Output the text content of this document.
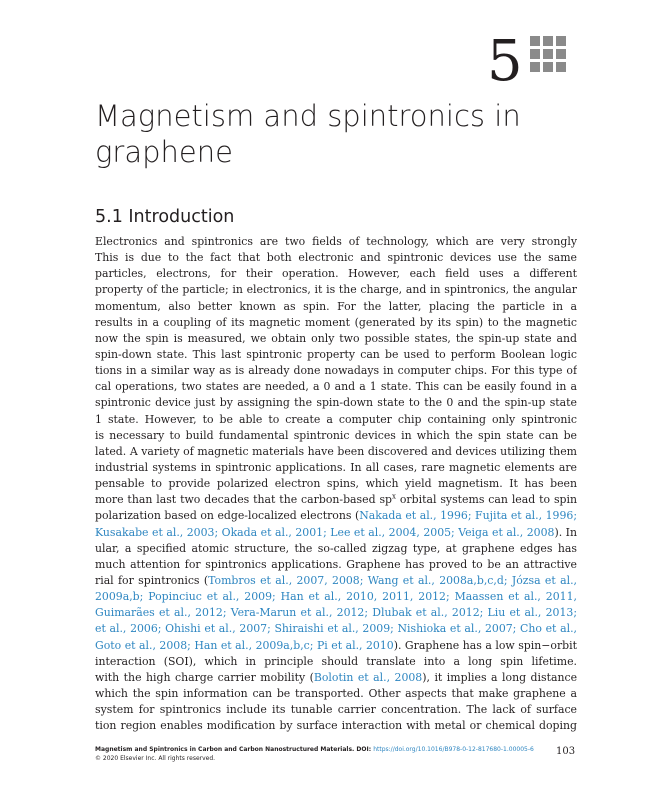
5
Magnetism and spintronics in graphene
5.1 Introduction
Electronics and spintronics are two fields of technology, which are very strongly
This is due to the fact that both electronic and spintronic devices use the same
particles, electrons, for their operation. However, each field uses a different
property of the particle; in electronics, it is the charge, and in spintronics, the angular
momentum, also better known as spin. For the latter, placing the particle in a
results in a coupling of its magnetic moment (generated by its spin) to the magnetic
now the spin is measured, we obtain only two possible states, the spin-up state and
spin-down state. This last spintronic property can be used to perform Boolean logic
tions in a similar way as is already done nowadays in computer chips. For this type of
cal operations, two states are needed, a 0 and a 1 state. This can be easily found in a
spintronic device just by assigning the spin-down state to the 0 and the spin-up state
1 state. However, to be able to create a computer chip containing only spintronic
is necessary to build fundamental spintronic devices in which the spin state can be
lated. A variety of magnetic materials have been discovered and devices utilizing them
industrial systems in spintronic applications. In all cases, rare magnetic elements are
pensable to provide polarized electron spins, which yield magnetism. It has been
more than last two decades that the carbon-based $sp^x$ orbital systems can lead to spin
polarization based on edge-localized electrons (Nakada et al., 1996; Fujita et al., 1996;
Kusakabe et al., 2003; Okada et al., 2001; Lee et al., 2004, 2005; Veiga et al., 2008). In
ular, a specified atomic structure, the so-called zigzag type, at graphene edges has
much attention for spintronics applications. Graphene has proved to be an attractive
rial for spintronics (Tombros et al., 2007, 2008; Wang et al., 2008a,b,c,d; Józsa et al.,
2009a,b; Popinciuc et al., 2009; Han et al., 2010, 2011, 2012; Maassen et al., 2011,
Guimarães et al., 2012; Vera-Marun et al., 2012; Dlubak et al., 2012; Liu et al., 2013;
et al., 2006; Ohishi et al., 2007; Shiraishi et al., 2009; Nishioka et al., 2007; Cho et al.,
Goto et al., 2008; Han et al., 2009a,b,c; Pi et al., 2010). Graphene has a low spin−orbit
interaction (SOI), which in principle should translate into a long spin lifetime.
with the high charge carrier mobility (Bolotin et al., 2008), it implies a long distance
which the spin information can be transported. Other aspects that make graphene a
system for spintronics include its tunable carrier concentration. The lack of surface
tion region enables modification by surface interaction with metal or chemical doping
Magnetism and Spintronics in Carbon and Carbon Nanostructured Materials. DOI: https://doi.org/10.1016/B978-0-12-817680-1.00005-6
© 2020 Elsevier Inc. All rights reserved.
103
